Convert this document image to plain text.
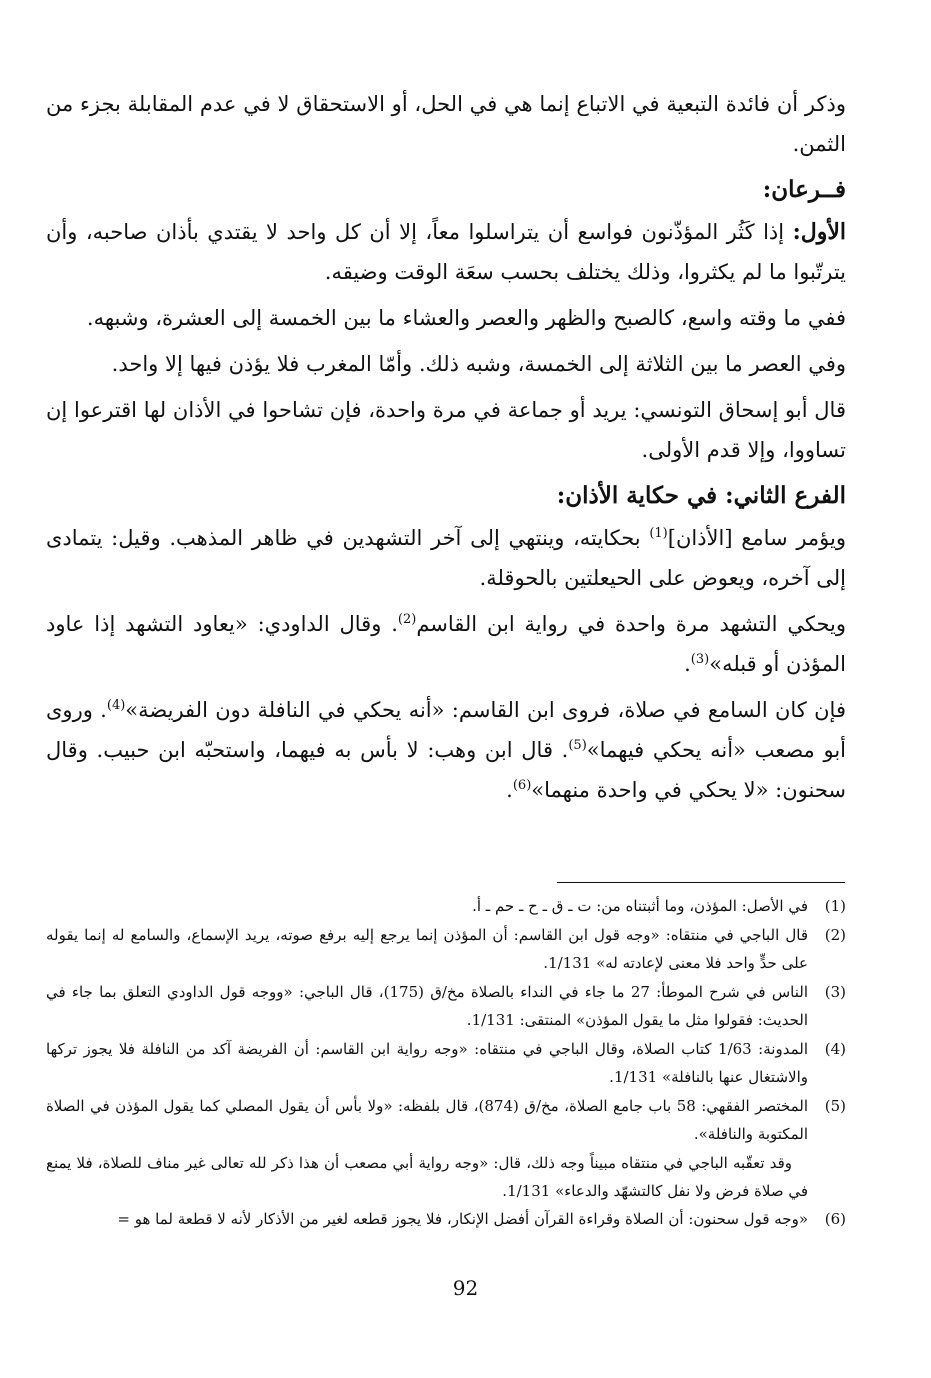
وذكر أن فائدة التبعية في الاتباع إنما هي في الحل، أو الاستحقاق لا في عدم المقابلة بجزء من الثمن.

فــرعان:

الأول: إذا كَثُر المؤذّنون فواسع أن يتراسلوا معاً، إلا أن كل واحد لا يقتدي بأذان صاحبه، وأن يترتّبوا ما لم يكثروا، وذلك يختلف بحسب سعَة الوقت وضيقه.

ففي ما وقته واسع، كالصبح والظهر والعصر والعشاء ما بين الخمسة إلى العشرة، وشبهه.

وفي العصر ما بين الثلاثة إلى الخمسة، وشبه ذلك. وأمّا المغرب فلا يؤذن فيها إلا واحد.

قال أبو إسحاق التونسي: يريد أو جماعة في مرة واحدة، فإن تشاحوا في الأذان لها اقترعوا إن تساووا، وإلا قدم الأولى.

الفرع الثاني: في حكاية الأذان:

ويؤمر سامع [الأذان]$^{(1)}$ بحكايته، وينتهي إلى آخر التشهدين في ظاهر المذهب. وقيل: يتمادى إلى آخره، ويعوض على الحيعلتين بالحوقلة.

ويحكي التشهد مرة واحدة في رواية ابن القاسم$^{(2)}$. وقال الداودي: «يعاود التشهد إذا عاود المؤذن أو قبله»$^{(3)}$.

فإن كان السامع في صلاة، فروى ابن القاسم: «أنه يحكي في النافلة دون الفريضة»$^{(4)}$. وروى أبو مصعب «أنه يحكي فيهما»$^{(5)}$. قال ابن وهب: لا بأس به فيهما، واستحبّه ابن حبيب. وقال سحنون: «لا يحكي في واحدة منهما»$^{(6)}$.

(1)
في الأصل: المؤذن، وما أثبتناه من: ت ـ ق ـ ح ـ حم ـ أ.
(2)
قال الباجي في منتقاه: «وجه قول ابن القاسم: أن المؤذن إنما يرجع إليه برفع صوته، يريد الإسماع، والسامع له إنما يقوله على حدٍّ واحد فلا معنى لإعادته له» 1/131.
(3)
الناس في شرح الموطأ: 27 ما جاء في النداء بالصلاة مخ/ق (175)، قال الباجي: «ووجه قول الداودي التعلق بما جاء في الحديث: فقولوا مثل ما يقول المؤذن» المنتقى: 1/131.
(4)
المدونة: 1/63 كتاب الصلاة، وقال الباجي في منتقاه: «وجه رواية ابن القاسم: أن الفريضة آكد من النافلة فلا يجوز تركها والاشتغال عنها بالنافلة» 1/131.
(5)
المختصر الفقهي: 58 باب جامع الصلاة، مخ/ق (874)، قال بلفظه: «ولا بأس أن يقول المصلي كما يقول المؤذن في الصلاة المكتوبة والنافلة».
وقد تعقّبه الباجي في منتقاه مبيناً وجه ذلك، قال: «وجه رواية أبي مصعب أن هذا ذكر لله تعالى غير مناف للصلاة، فلا يمنع في صلاة فرض ولا نفل كالتشهّد والدعاء» 1/131.
(6)
«وجه قول سحنون: أن الصلاة وقراءة القرآن أفضل الإنكار، فلا يجوز قطعه لغير من الأذكار لأنه لا قطعة لما هو =
92
